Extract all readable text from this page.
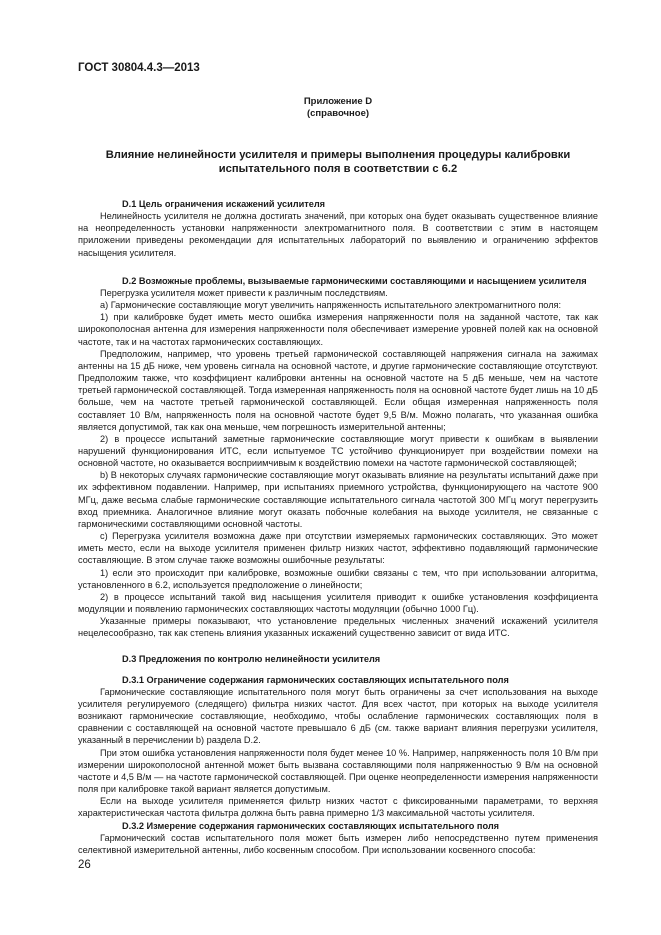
ГОСТ 30804.4.3—2013
Приложение D
(справочное)
Влияние нелинейности усилителя и примеры выполнения процедуры калибровки испытательного поля в соответствии с 6.2

D.1 Цель ограничения искажений усилителя

Нелинейность усилителя не должна достигать значений, при которых она будет оказывать существенное влияние на неопределенность установки напряженности электромагнитного поля. В соответствии с этим в настоящем приложении приведены рекомендации для испытательных лабораторий по выявлению и ограничению эффектов насыщения усилителя.

D.2 Возможные проблемы, вызываемые гармоническими составляющими и насыщением усилителя

Перегрузка усилителя может привести к различным последствиям.

а) Гармонические составляющие могут увеличить напряженность испытательного электромагнитного поля:

1) при калибровке будет иметь место ошибка измерения напряженности поля на заданной частоте, так как широкополосная антенна для измерения напряженности поля обеспечивает измерение уровней полей как на основной частоте, так и на частотах гармонических составляющих.

Предположим, например, что уровень третьей гармонической составляющей напряжения сигнала на зажимах антенны на 15 дБ ниже, чем уровень сигнала на основной частоте, и другие гармонические составляющие отсутствуют. Предположим также, что коэффициент калибровки антенны на основной частоте на 5 дБ меньше, чем на частоте третьей гармонической составляющей. Тогда измеренная напряженность поля на основной частоте будет лишь на 10 дБ больше, чем на частоте третьей гармонической составляющей. Если общая измеренная напряженность поля составляет 10 В/м, напряженность поля на основной частоте будет 9,5 В/м. Можно полагать, что указанная ошибка является допустимой, так как она меньше, чем погрешность измерительной антенны;

2) в процессе испытаний заметные гармонические составляющие могут привести к ошибкам в выявлении нарушений функционирования ИТС, если испытуемое ТС устойчиво функционирует при воздействии помехи на основной частоте, но оказывается восприимчивым к воздействию помехи на частоте гармонической составляющей;

b) В некоторых случаях гармонические составляющие могут оказывать влияние на результаты испытаний даже при их эффективном подавлении. Например, при испытаниях приемного устройства, функционирующего на частоте 900 МГц, даже весьма слабые гармонические составляющие испытательного сигнала частотой 300 МГц могут перегрузить вход приемника. Аналогичное влияние могут оказать побочные колебания на выходе усилителя, не связанные с гармоническими составляющими основной частоты.

c) Перегрузка усилителя возможна даже при отсутствии измеряемых гармонических составляющих. Это может иметь место, если на выходе усилителя применен фильтр низких частот, эффективно подавляющий гармонические составляющие. В этом случае также возможны ошибочные результаты:

1) если это происходит при калибровке, возможные ошибки связаны с тем, что при использовании алгоритма, установленного в 6.2, используется предположение о линейности;

2) в процессе испытаний такой вид насыщения усилителя приводит к ошибке установления коэффициента модуляции и появлению гармонических составляющих частоты модуляции (обычно 1000 Гц).

Указанные примеры показывают, что установление предельных численных значений искажений усилителя нецелесообразно, так как степень влияния указанных искажений существенно зависит от вида ИТС.

D.3 Предложения по контролю нелинейности усилителя

D.3.1 Ограничение содержания гармонических составляющих испытательного поля

Гармонические составляющие испытательного поля могут быть ограничены за счет использования на выходе усилителя регулируемого (следящего) фильтра низких частот. Для всех частот, при которых на выходе усилителя возникают гармонические составляющие, необходимо, чтобы ослабление гармонических составляющих поля в сравнении с составляющей на основной частоте превышало 6 дБ (см. также вариант влияния перегрузки усилителя, указанный в перечислении b) раздела D.2.

При этом ошибка установления напряженности поля будет менее 10 %. Например, напряженность поля 10 В/м при измерении широкополосной антенной может быть вызвана составляющими поля напряженностью 9 В/м на основной частоте и 4,5 В/м — на частоте гармонической составляющей. При оценке неопределенности измерения напряженности поля при калибровке такой вариант является допустимым.

Если на выходе усилителя применяется фильтр низких частот с фиксированными параметрами, то верхняя характеристическая частота фильтра должна быть равна примерно 1/3 максимальной частоты усилителя.

D.3.2 Измерение содержания гармонических составляющих испытательного поля

Гармонический состав испытательного поля может быть измерен либо непосредственно путем применения селективной измерительной антенны, либо косвенным способом. При использовании косвенного способа:

26
